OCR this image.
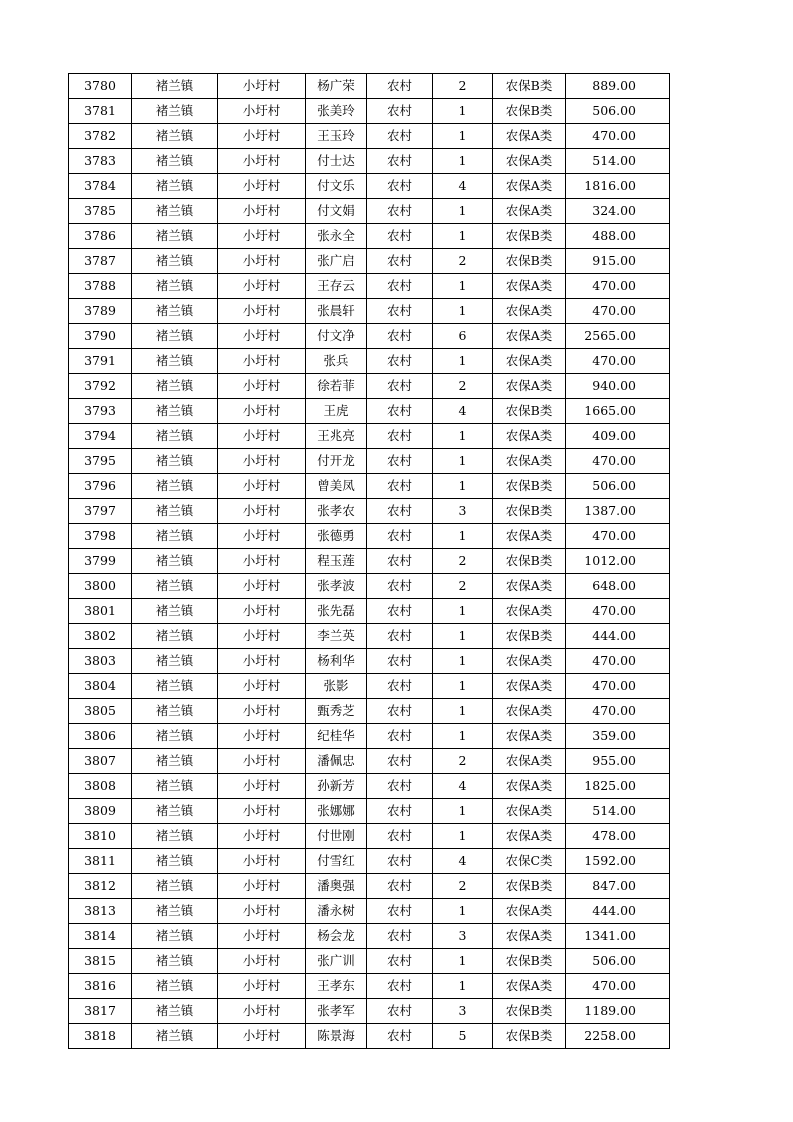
3780	褚兰镇	小圩村	杨广荣	农村	2	农保B类	889.00
3781	褚兰镇	小圩村	张美玲	农村	1	农保B类	506.00
3782	褚兰镇	小圩村	王玉玲	农村	1	农保A类	470.00
3783	褚兰镇	小圩村	付士达	农村	1	农保A类	514.00
3784	褚兰镇	小圩村	付文乐	农村	4	农保A类	1816.00
3785	褚兰镇	小圩村	付文娟	农村	1	农保A类	324.00
3786	褚兰镇	小圩村	张永全	农村	1	农保B类	488.00
3787	褚兰镇	小圩村	张广启	农村	2	农保B类	915.00
3788	褚兰镇	小圩村	王存云	农村	1	农保A类	470.00
3789	褚兰镇	小圩村	张晨轩	农村	1	农保A类	470.00
3790	褚兰镇	小圩村	付文净	农村	6	农保A类	2565.00
3791	褚兰镇	小圩村	张兵	农村	1	农保A类	470.00
3792	褚兰镇	小圩村	徐若菲	农村	2	农保A类	940.00
3793	褚兰镇	小圩村	王虎	农村	4	农保B类	1665.00
3794	褚兰镇	小圩村	王兆亮	农村	1	农保A类	409.00
3795	褚兰镇	小圩村	付开龙	农村	1	农保A类	470.00
3796	褚兰镇	小圩村	曾美凤	农村	1	农保B类	506.00
3797	褚兰镇	小圩村	张孝农	农村	3	农保B类	1387.00
3798	褚兰镇	小圩村	张德勇	农村	1	农保A类	470.00
3799	褚兰镇	小圩村	程玉莲	农村	2	农保B类	1012.00
3800	褚兰镇	小圩村	张孝波	农村	2	农保A类	648.00
3801	褚兰镇	小圩村	张先磊	农村	1	农保A类	470.00
3802	褚兰镇	小圩村	李兰英	农村	1	农保B类	444.00
3803	褚兰镇	小圩村	杨利华	农村	1	农保A类	470.00
3804	褚兰镇	小圩村	张影	农村	1	农保A类	470.00
3805	褚兰镇	小圩村	甄秀芝	农村	1	农保A类	470.00
3806	褚兰镇	小圩村	纪桂华	农村	1	农保A类	359.00
3807	褚兰镇	小圩村	潘佩忠	农村	2	农保A类	955.00
3808	褚兰镇	小圩村	孙新芳	农村	4	农保A类	1825.00
3809	褚兰镇	小圩村	张娜娜	农村	1	农保A类	514.00
3810	褚兰镇	小圩村	付世刚	农村	1	农保A类	478.00
3811	褚兰镇	小圩村	付雪红	农村	4	农保C类	1592.00
3812	褚兰镇	小圩村	潘奥强	农村	2	农保B类	847.00
3813	褚兰镇	小圩村	潘永树	农村	1	农保A类	444.00
3814	褚兰镇	小圩村	杨会龙	农村	3	农保A类	1341.00
3815	褚兰镇	小圩村	张广训	农村	1	农保B类	506.00
3816	褚兰镇	小圩村	王孝东	农村	1	农保A类	470.00
3817	褚兰镇	小圩村	张孝军	农村	3	农保B类	1189.00
3818	褚兰镇	小圩村	陈景海	农村	5	农保B类	2258.00
